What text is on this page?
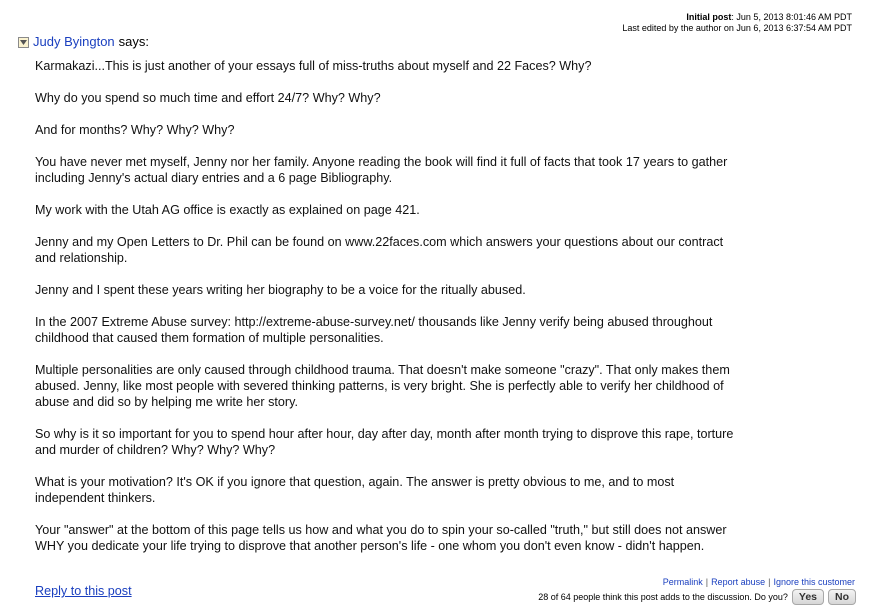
Initial post: Jun 5, 2013 8:01:46 AM PDT
Last edited by the author on Jun 6, 2013 6:37:54 AM PDT
Judy Byington says:

Karmakazi...This is just another of your essays full of miss-truths about myself and 22 Faces? Why?

Why do you spend so much time and effort 24/7? Why? Why?

And for months? Why? Why? Why?

You have never met myself, Jenny nor her family. Anyone reading the book will find it full of facts that took 17 years to gather including Jenny's actual diary entries and a 6 page Bibliography.

My work with the Utah AG office is exactly as explained on page 421.

Jenny and my Open Letters to Dr. Phil can be found on www.22faces.com which answers your questions about our contract and relationship.

Jenny and I spent these years writing her biography to be a voice for the ritually abused.

In the 2007 Extreme Abuse survey: http://extreme-abuse-survey.net/ thousands like Jenny verify being abused throughout childhood that caused them formation of multiple personalities.

Multiple personalities are only caused through childhood trauma. That doesn't make someone "crazy". That only makes them abused. Jenny, like most people with severed thinking patterns, is very bright. She is perfectly able to verify her childhood of abuse and did so by helping me write her story.

So why is it so important for you to spend hour after hour, day after day, month after month trying to disprove this rape, torture and murder of children? Why? Why? Why?

What is your motivation? It's OK if you ignore that question, again. The answer is pretty obvious to me, and to most independent thinkers.

Your "answer" at the bottom of this page tells us how and what you do to spin your so-called "truth," but still does not answer WHY you dedicate your life trying to disprove that another person's life - one whom you don't even know - didn't happen.

Reply to this post
Permalink | Report abuse | Ignore this customer
28 of 64 people think this post adds to the discussion. Do you?	Yes	No
